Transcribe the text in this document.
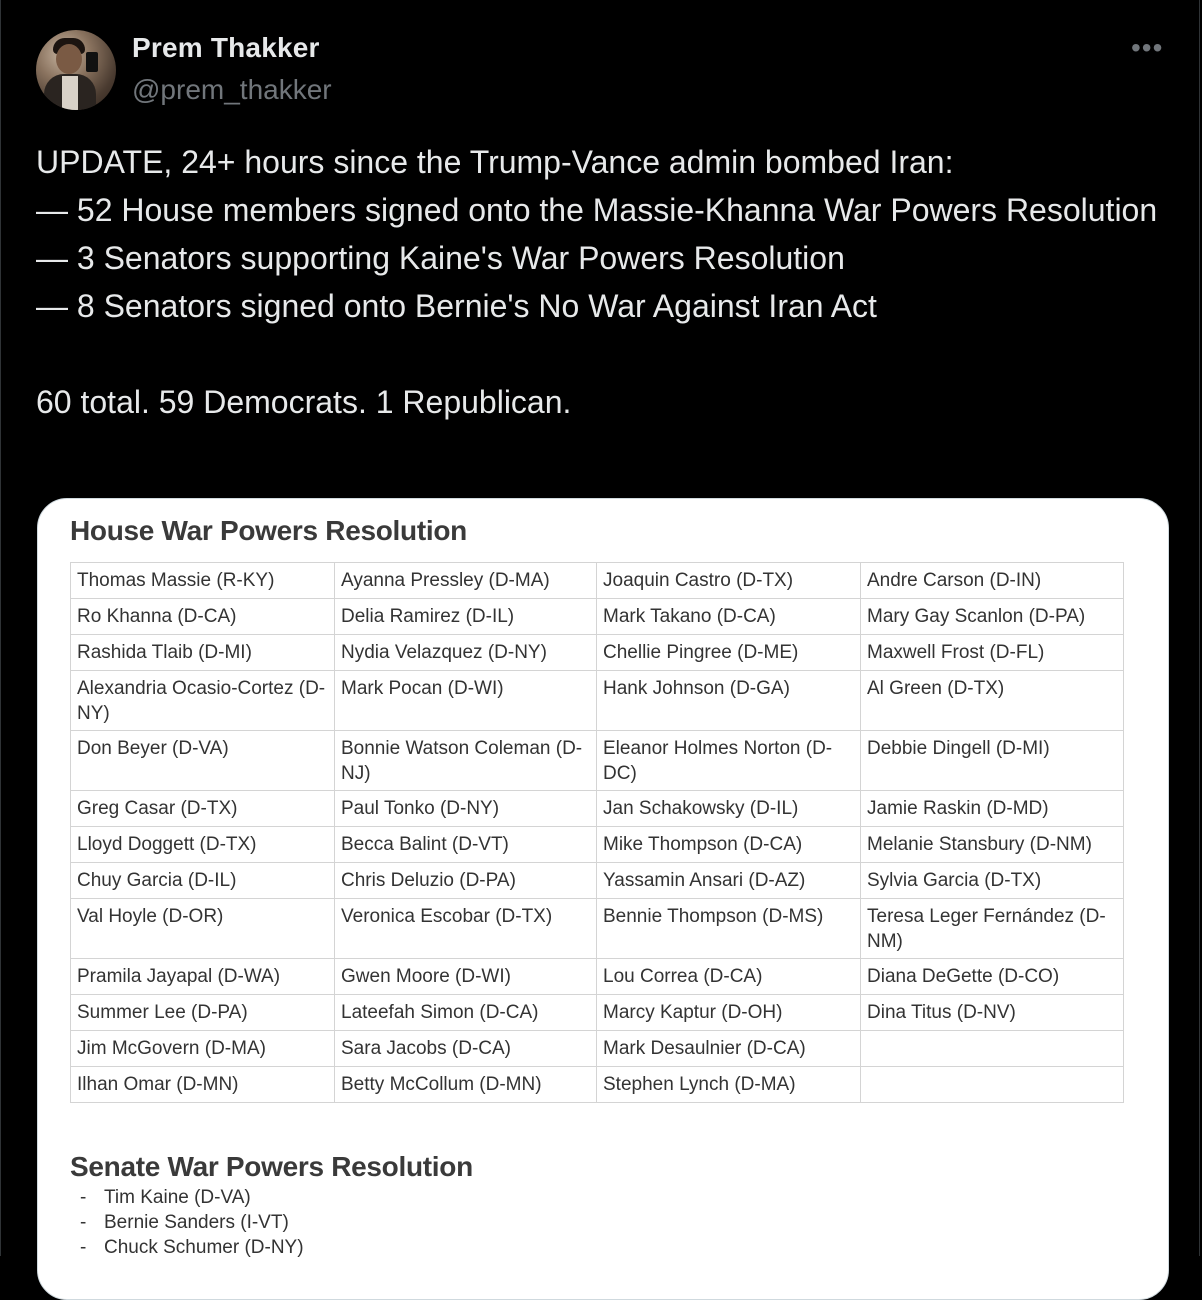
Prem Thakker
@prem_thakker
•••

UPDATE, 24+ hours since the Trump-Vance admin bombed Iran:

— 52 House members signed onto the Massie-Khanna War Powers Resolution

— 3 Senators supporting Kaine's War Powers Resolution

— 8 Senators signed onto Bernie's No War Against Iran Act

60 total. 59 Democrats. 1 Republican.

House War Powers Resolution
Thomas Massie (R-KY)	Ayanna Pressley (D-MA)	Joaquin Castro (D-TX)	Andre Carson (D-IN)
Ro Khanna (D-CA)	Delia Ramirez (D-IL)	Mark Takano (D-CA)	Mary Gay Scanlon (D-PA)
Rashida Tlaib (D-MI)	Nydia Velazquez (D-NY)	Chellie Pingree (D-ME)	Maxwell Frost (D-FL)
Alexandria Ocasio-Cortez (D-NY)	Mark Pocan (D-WI)	Hank Johnson (D-GA)	Al Green (D-TX)
Don Beyer (D-VA)	Bonnie Watson Coleman (D-NJ)	Eleanor Holmes Norton (D-DC)	Debbie Dingell (D-MI)
Greg Casar (D-TX)	Paul Tonko (D-NY)	Jan Schakowsky (D-IL)	Jamie Raskin (D-MD)
Lloyd Doggett (D-TX)	Becca Balint (D-VT)	Mike Thompson (D-CA)	Melanie Stansbury (D-NM)
Chuy Garcia (D-IL)	Chris Deluzio (D-PA)	Yassamin Ansari (D-AZ)	Sylvia Garcia (D-TX)
Val Hoyle (D-OR)	Veronica Escobar (D-TX)	Bennie Thompson (D-MS)	Teresa Leger Fernández (D-NM)
Pramila Jayapal (D-WA)	Gwen Moore (D-WI)	Lou Correa (D-CA)	Diana DeGette (D-CO)
Summer Lee (D-PA)	Lateefah Simon (D-CA)	Marcy Kaptur (D-OH)	Dina Titus (D-NV)
Jim McGovern (D-MA)	Sara Jacobs (D-CA)	Mark Desaulnier (D-CA)	
Ilhan Omar (D-MN)	Betty McCollum (D-MN)	Stephen Lynch (D-MA)	
Senate War Powers Resolution
- Tim Kaine (D-VA)
- Bernie Sanders (I-VT)
- Chuck Schumer (D-NY)
